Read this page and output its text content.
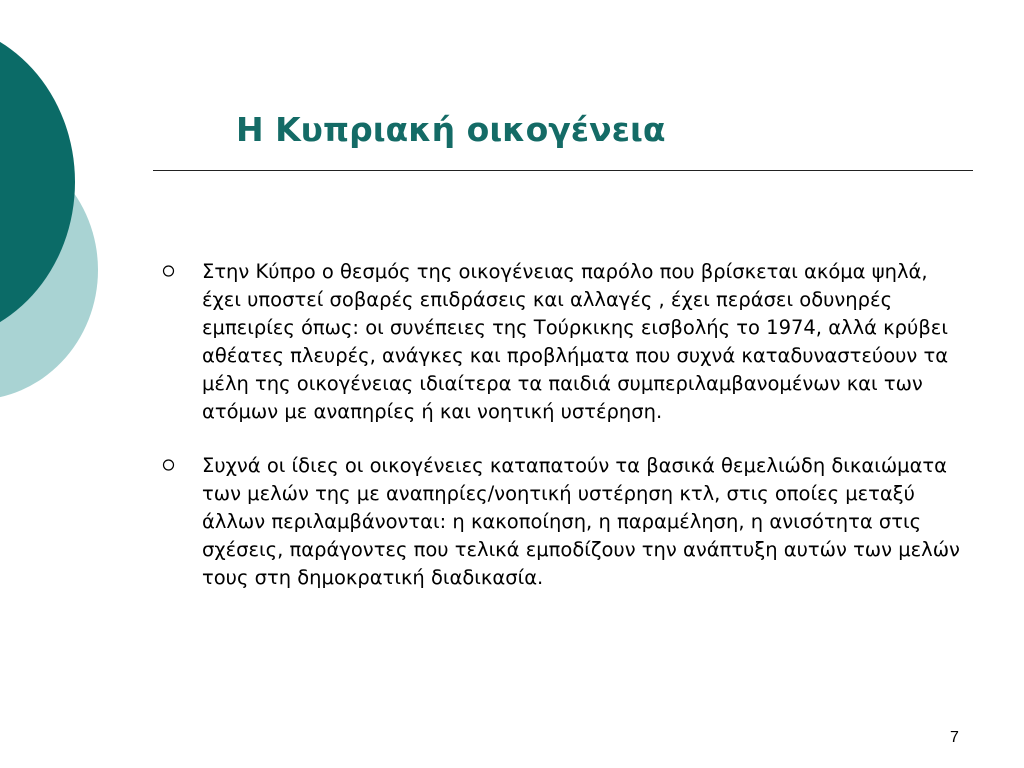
Η Κυπριακή οικογένεια
Στην Κύπρο ο θεσμός της οικογένειας παρόλο που βρίσκεται ακόμα ψηλά, έχει υποστεί σοβαρές επιδράσεις και αλλαγές , έχει περάσει οδυνηρές εμπειρίες όπως: οι συνέπειες της Τούρκικης εισβολής το 1974, αλλά κρύβει αθέατες πλευρές, ανάγκες και προβλήματα που συχνά καταδυναστεύουν τα μέλη της οικογένειας ιδιαίτερα τα παιδιά συμπεριλαμβανομένων και των ατόμων με αναπηρίες ή και νοητική υστέρηση.
Συχνά οι ίδιες οι οικογένειες καταπατούν τα βασικά θεμελιώδη δικαιώματα των μελών της με αναπηρίες/νοητική υστέρηση κτλ, στις οποίες μεταξύ άλλων περιλαμβάνονται: η κακοποίηση, η παραμέληση, η ανισότητα στις σχέσεις, παράγοντες που τελικά εμποδίζουν την ανάπτυξη αυτών των μελών τους στη δημοκρατική διαδικασία.
7
